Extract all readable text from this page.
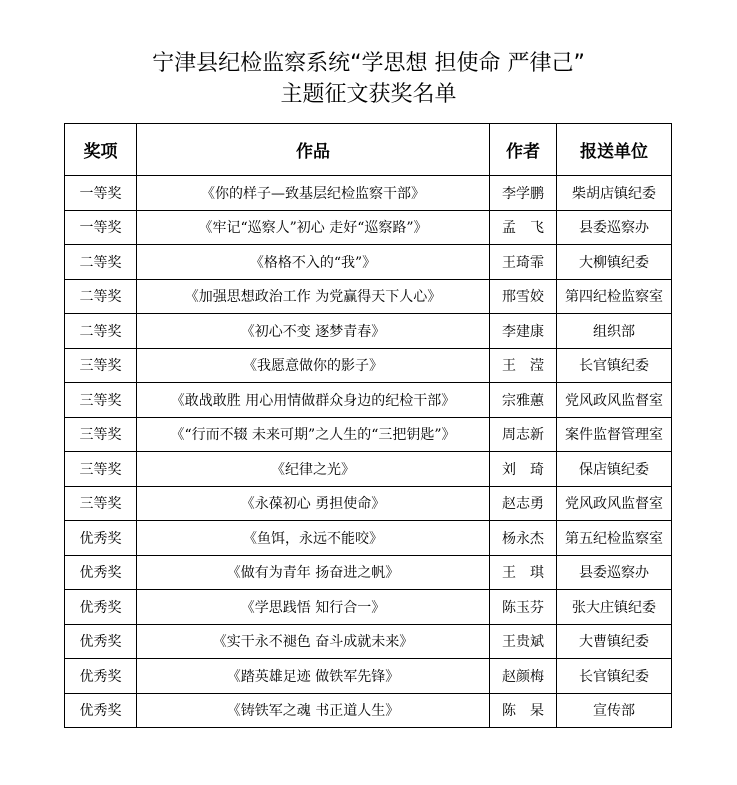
宁津县纪检监察系统“学思想 担使命 严律己”
主题征文获奖名单
奖项	作品	作者	报送单位
一等奖	《你的样子—致基层纪检监察干部》	李学鹏	柴胡店镇纪委
一等奖	《牢记“巡察人”初心 走好“巡察路”》	孟　飞	县委巡察办
二等奖	《格格不入的“我”》	王琦霏	大柳镇纪委
二等奖	《加强思想政治工作 为党赢得天下人心》	邢雪姣	第四纪检监察室
二等奖	《初心不变 逐梦青春》	李建康	组织部
三等奖	《我愿意做你的影子》	王　滢	长官镇纪委
三等奖	《敢战敢胜 用心用情做群众身边的纪检干部》	宗雅蕙	党风政风监督室
三等奖	《“行而不辍 未来可期”之人生的“三把钥匙”》	周志新	案件监督管理室
三等奖	《纪律之光》	刘　琦	保店镇纪委
三等奖	《永葆初心 勇担使命》	赵志勇	党风政风监督室
优秀奖	《鱼饵，永远不能咬》	杨永杰	第五纪检监察室
优秀奖	《做有为青年 扬奋进之帆》	王　琪	县委巡察办
优秀奖	《学思践悟 知行合一》	陈玉芬	张大庄镇纪委
优秀奖	《实干永不褪色 奋斗成就未来》	王贵斌	大曹镇纪委
优秀奖	《踏英雄足迹 做铁军先锋》	赵颜梅	长官镇纪委
优秀奖	《铸铁军之魂 书正道人生》	陈　杲	宣传部
